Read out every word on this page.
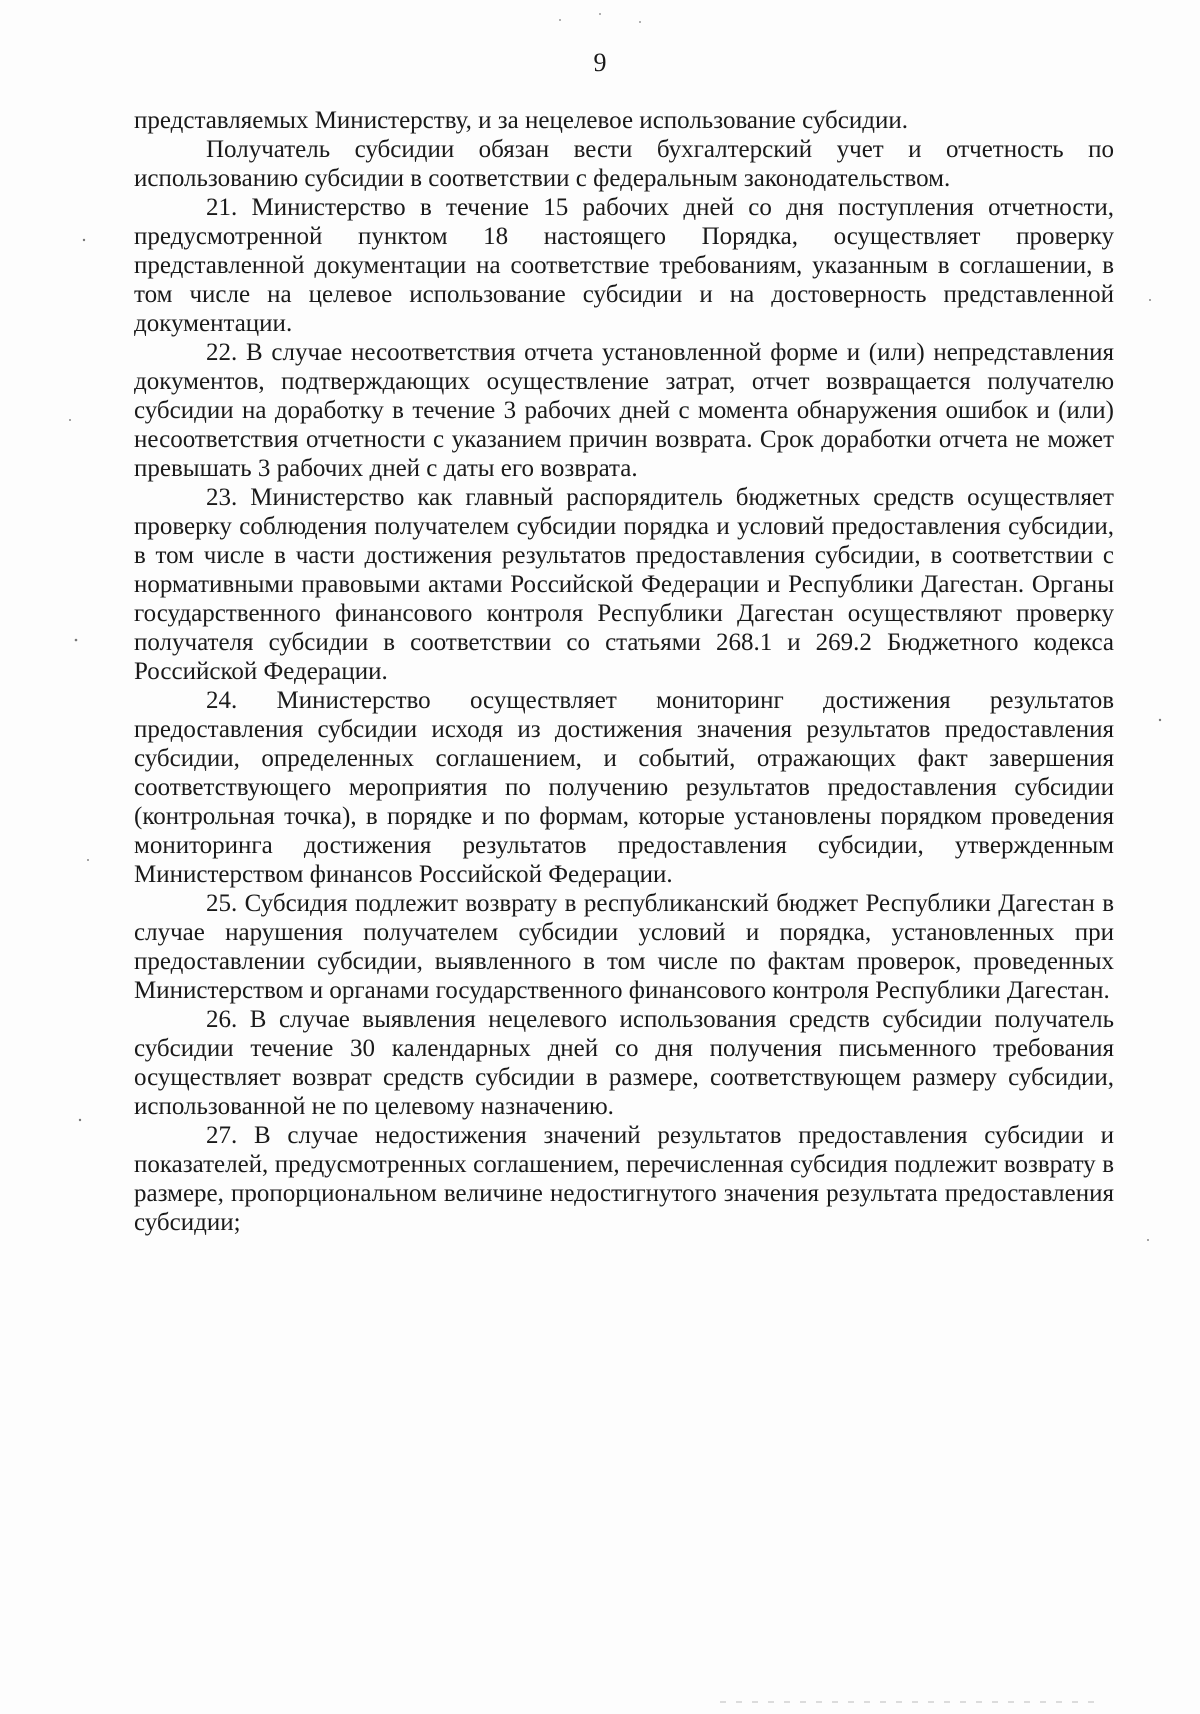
9

представляемых Министерству, и за нецелевое использование субсидии.

Получатель субсидии обязан вести бухгалтерский учет и отчетность по использованию субсидии в соответствии с федеральным законодательством.

21. Министерство в течение 15 рабочих дней со дня поступления отчетности, предусмотренной пунктом 18 настоящего Порядка, осуществляет проверку представленной документации на соответствие требованиям, указанным в соглашении, в том числе на целевое использование субсидии и на достоверность представленной документации.

22. В случае несоответствия отчета установленной форме и (или) непредставления документов, подтверждающих осуществление затрат, отчет возвращается получателю субсидии на доработку в течение 3 рабочих дней с момента обнаружения ошибок и (или) несоответствия отчетности с указанием причин возврата. Срок доработки отчета не может превышать 3 рабочих дней с даты его возврата.

23. Министерство как главный распорядитель бюджетных средств осуществляет проверку соблюдения получателем субсидии порядка и условий предоставления субсидии, в том числе в части достижения результатов предоставления субсидии, в соответствии с нормативными правовыми актами Российской Федерации и Республики Дагестан. Органы государственного финансового контроля Республики Дагестан осуществляют проверку получателя субсидии в соответствии со статьями 268.1 и 269.2 Бюджетного кодекса Российской Федерации.

24. Министерство осуществляет мониторинг достижения результатов предоставления субсидии исходя из достижения значения результатов предоставления субсидии, определенных соглашением, и событий, отражающих факт завершения соответствующего мероприятия по получению результатов предоставления субсидии (контрольная точка), в порядке и по формам, которые установлены порядком проведения мониторинга достижения результатов предоставления субсидии, утвержденным Министерством финансов Российской Федерации.

25. Субсидия подлежит возврату в республиканский бюджет Республики Дагестан в случае нарушения получателем субсидии условий и порядка, установленных при предоставлении субсидии, выявленного в том числе по фактам проверок, проведенных Министерством и органами государственного финансового контроля Республики Дагестан.

26. В случае выявления нецелевого использования средств субсидии получатель субсидии течение 30 календарных дней со дня получения письменного требования осуществляет возврат средств субсидии в размере, соответствующем размеру субсидии, использованной не по целевому назначению.

27. В случае недостижения значений результатов предоставления субсидии и показателей, предусмотренных соглашением, перечисленная субсидия подлежит возврату в размере, пропорциональном величине недостигнутого значения результата предоставления субсидии;
